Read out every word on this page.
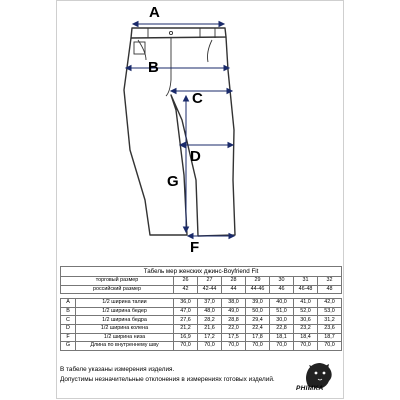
A
B
C
D
G
F
Табель мер женских джинс-Boyfriend Fit								
торговый размер		26	27	28	29	30	31	32
российский размер		42	42-44	44	44-46	46	46-48	48

A	1/2 ширина талии	36,0	37,0	38,0	39,0	40,0	41,0	42,0
B	1/2 ширина бедер	47,0	48,0	49,0	50,0	51,0	52,0	53,0
C	1/2 ширина бедра	27,6	28,2	28,8	29,4	30,0	30,6	31,2
D	1/2 ширина колена	21,2	21,6	22,0	22,4	22,8	23,2	23,6
F	1/2 ширина низа	16,9	17,2	17,5	17,8	18,1	18,4	18,7
G	Длина по внутреннему шву	70,0	70,0	70,0	70,0	70,0	70,0	70,0
В табеле указаны измерения изделия.
Допустимы незначительные отклонения в измерениях готовых изделий.
PHIMKA
